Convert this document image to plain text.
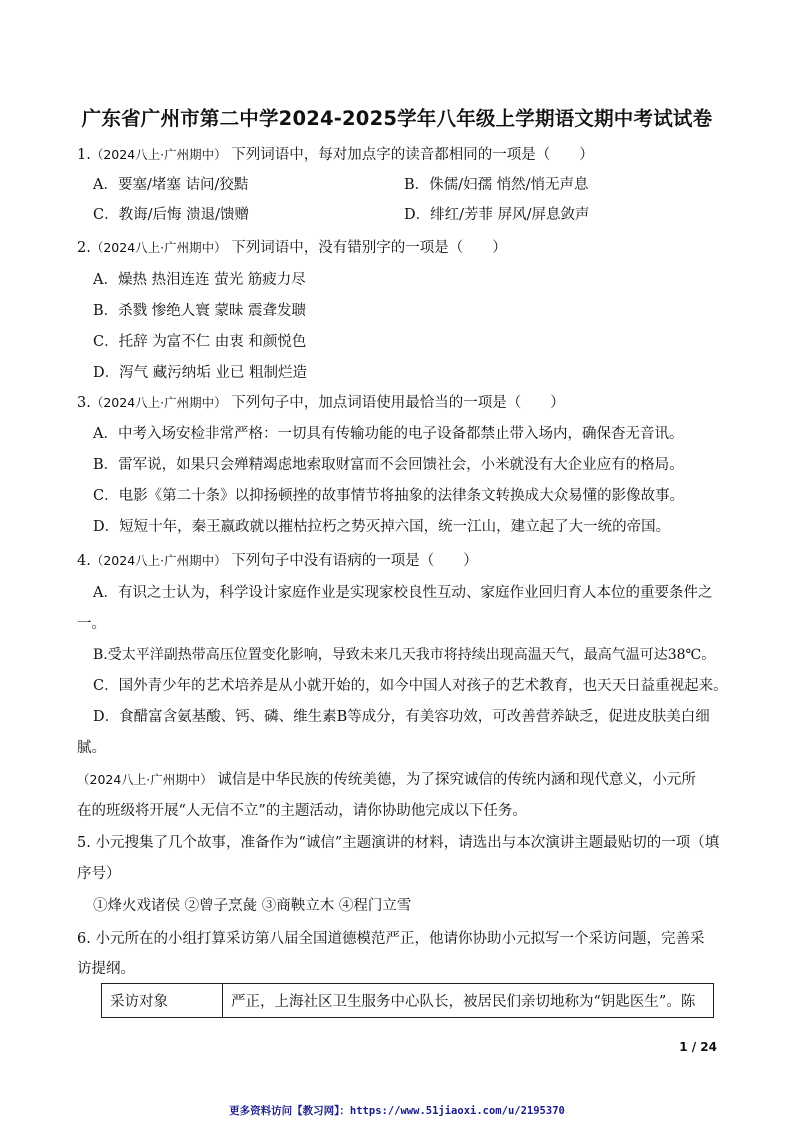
广东省广州市第二中学2024-2025学年八年级上学期语文期中考试试卷
1.（2024八上·广州期中） 下列词语中，每对加点字的读音都相同的一项是（　　）
A．要塞/堵塞 诘问/狡黠	B．侏儒/妇孺 悄然/悄无声息
C．教诲/后悔 溃退/馈赠	D．绯红/芳菲 屏风/屏息敛声
2.（2024八上·广州期中） 下列词语中，没有错别字的一项是（　　）
A．燥热 热泪连连 萤光 筋疲力尽
B．杀戮 惨绝人寰 蒙昧 震聋发聩
C．托辞 为富不仁 由衷 和颜悦色
D．泻气 藏污纳垢 业已 粗制烂造
3.（2024八上·广州期中） 下列句子中，加点词语使用最恰当的一项是（　　）
A．中考入场安检非常严格：一切具有传输功能的电子设备都禁止带入场内，确保杳无音讯。
B．雷军说，如果只会殚精竭虑地索取财富而不会回馈社会，小米就没有大企业应有的格局。
C．电影《第二十条》以抑扬顿挫的故事情节将抽象的法律条文转换成大众易懂的影像故事。
D．短短十年，秦王嬴政就以摧枯拉朽之势灭掉六国，统一江山，建立起了大一统的帝国。
4.（2024八上·广州期中） 下列句子中没有语病的一项是（　　）
A．有识之士认为，科学设计家庭作业是实现家校良性互动、家庭作业回归育人本位的重要条件之
一。
B.受太平洋副热带高压位置变化影响，导致未来几天我市将持续出现高温天气，最高气温可达38℃。
C．国外青少年的艺术培养是从小就开始的，如今中国人对孩子的艺术教育，也天天日益重视起来。
D．食醋富含氨基酸、钙、磷、维生素B等成分，有美容功效，可改善营养缺乏，促进皮肤美白细
腻。
（2024八上·广州期中） 诚信是中华民族的传统美德，为了探究诚信的传统内涵和现代意义，小元所
在的班级将开展“人无信不立”的主题活动，请你协助他完成以下任务。
5. 小元搜集了几个故事，准备作为“诚信”主题演讲的材料，请选出与本次演讲主题最贴切的一项（填
序号）
①烽火戏诸侯 ②曾子烹彘 ③商鞅立木 ④程门立雪
6. 小元所在的小组打算采访第八届全国道德模范严正，他请你协助小元拟写一个采访问题，完善采
访提纲。
采访对象	严正，上海社区卫生服务中心队长，被居民们亲切地称为“钥匙医生”。陈
1 / 24
更多资料访问【教习网】：https://www.51jiaoxi.com/u/2195370
